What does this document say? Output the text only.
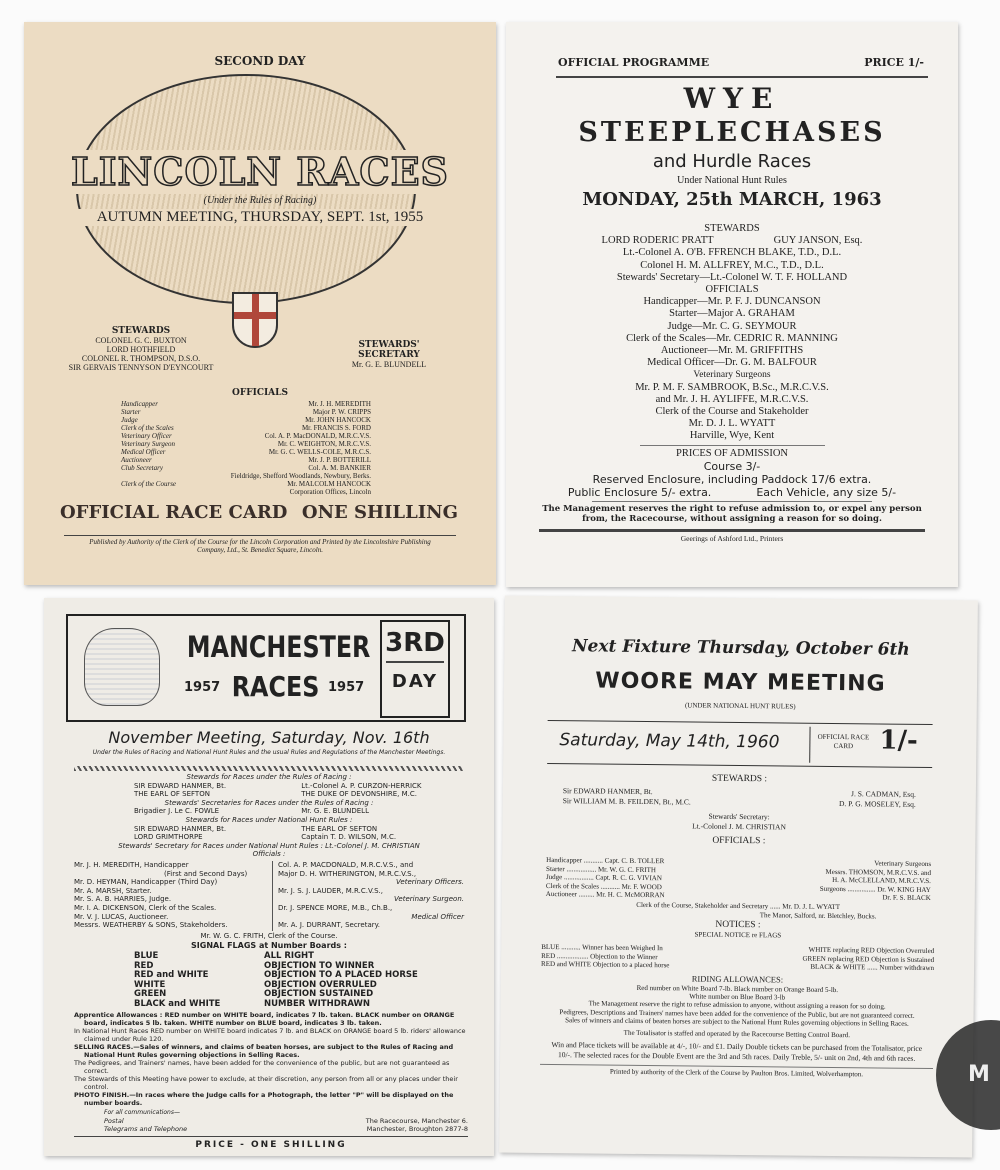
SECOND DAY
LINCOLN RACES
(Under the Rules of Racing)
AUTUMN MEETING, THURSDAY, SEPT. 1st, 1955
STEWARDS
COLONEL G. C. BUXTON
LORD HOTHFIELD
COLONEL R. THOMPSON, D.S.O.
SIR GERVAIS TENNYSON D'EYNCOURT
STEWARDS' SECRETARY
Mr. G. E. BLUNDELL
OFFICIALS
Handicapper	Mr. J. H. MEREDITH
Starter	Major P. W. CRIPPS
Judge	Mr. JOHN HANCOCK
Clerk of the Scales	Mr. FRANCIS S. FORD
Veterinary Officer	Col. A. P. MacDONALD, M.R.C.V.S.
Veterinary Surgeon	Mr. C. WEIGHTON, M.R.C.V.S.
Medical Officer	Mr. G. C. WELLS-COLE, M.R.C.S.
Auctioneer	Mr. J. P. BOTTERILL
Club Secretary	Col. A. M. BANKIER
Fieldridge, Shefford Woodlands, Newbury, Berks.
Clerk of the Course	Mr. MALCOLM HANCOCK
Corporation Offices, Lincoln
OFFICIAL RACE CARD ONE SHILLING
Published by Authority of the Clerk of the Course for the Lincoln Corporation and Printed by the Lincolnshire Publishing Company, Ltd., St. Benedict Square, Lincoln.
OFFICIAL PROGRAMME	PRICE 1/-
WYE
STEEPLECHASES
and Hurdle Races
Under National Hunt Rules
MONDAY, 25th MARCH, 1963
STEWARDS
LORD RODERIC PRATT	GUY JANSON, Esq.
Lt.-Colonel A. O'B. FFRENCH BLAKE, T.D., D.L.
Colonel H. M. ALLFREY, M.C., T.D., D.L.
Stewards' Secretary—Lt.-Colonel W. T. F. HOLLAND
OFFICIALS
Handicapper—Mr. P. F. J. DUNCANSON
Starter—Major A. GRAHAM
Judge—Mr. C. G. SEYMOUR
Clerk of the Scales—Mr. CEDRIC R. MANNING
Auctioneer—Mr. M. GRIFFITHS
Medical Officer—Dr. G. M. BALFOUR
Veterinary Surgeons
Mr. P. M. F. SAMBROOK, B.Sc., M.R.C.V.S.
and Mr. J. H. AYLIFFE, M.R.C.V.S.
Clerk of the Course and Stakeholder
Mr. D. J. L. WYATT
Harville, Wye, Kent
PRICES OF ADMISSION
Course 3/-
Reserved Enclosure, including Paddock 17/6 extra.
Public Enclosure 5/- extra.	Each Vehicle, any size 5/-
The Management reserves the right to refuse admission to, or expel any person from, the Racecourse, without assigning a reason for so doing.
Geerings of Ashford Ltd., Printers
MANCHESTER
1957 RACES 1957
3RD
DAY
November Meeting, Saturday, Nov. 16th
Under the Rules of Racing and National Hunt Rules and the usual Rules and Regulations of the Manchester Meetings.
Stewards for Races under the Rules of Racing :
SIR EDWARD HANMER, Bt.	Lt.-Colonel A. P. CURZON-HERRICK
THE EARL OF SEFTON	THE DUKE OF DEVONSHIRE, M.C.
Stewards' Secretaries for Races under the Rules of Racing :
Brigadier J. Le C. FOWLE	Mr. G. E. BLUNDELL
Stewards for Races under National Hunt Rules :
SIR EDWARD HANMER, Bt.	THE EARL OF SEFTON
LORD GRIMTHORPE	Captain T. D. WILSON, M.C.
Stewards' Secretary for Races under National Hunt Rules : Lt.-Colonel J. M. CHRISTIAN
Officials :
Mr. J. H. MEREDITH, Handicapper
(First and Second Days)
Mr. D. HEYMAN, Handicapper (Third Day)
Mr. A. MARSH, Starter.
Mr. S. A. B. HARRIES, Judge.
Mr. I. A. DICKENSON, Clerk of the Scales.
Mr. V. J. LUCAS, Auctioneer.
Messrs. WEATHERBY & SONS, Stakeholders.
Col. A. P. MACDONALD, M.R.C.V.S., and
Major D. H. WITHERINGTON, M.R.C.V.S.,
Veterinary Officers.
Mr. J. S. J. LAUDER, M.R.C.V.S.,
Veterinary Surgeon.
Dr. J. SPENCE MORE, M.B., Ch.B.,
Medical Officer
Mr. A. J. DURRANT, Secretary.
Mr. W. G. C. FRITH, Clerk of the Course.
SIGNAL FLAGS at Number Boards :
BLUE	ALL RIGHT
RED	OBJECTION TO WINNER
RED and WHITE	OBJECTION TO A PLACED HORSE
WHITE	OBJECTION OVERRULED
GREEN	OBJECTION SUSTAINED
BLACK and WHITE	NUMBER WITHDRAWN
Apprentice Allowances : RED number on WHITE board, indicates 7 lb. taken. BLACK number on ORANGE board, indicates 5 lb. taken. WHITE number on BLUE board, indicates 3 lb. taken.
In National Hunt Races RED number on WHITE board indicates 7 lb. and BLACK on ORANGE board 5 lb. riders' allowance claimed under Rule 120.
SELLING RACES.—Sales of winners, and claims of beaten horses, are subject to the Rules of Racing and National Hunt Rules governing objections in Selling Races.
The Pedigrees, and Trainers' names, have been added for the convenience of the public, but are not guaranteed as correct.
The Stewards of this Meeting have power to exclude, at their discretion, any person from all or any places under their control.
PHOTO FINISH.—In races where the Judge calls for a Photograph, the letter "P" will be displayed on the number boards.
For all communications—
Postal	The Racecourse, Manchester 6.
Telegrams and Telephone	Manchester, Broughton 2877-8
PRICE - ONE SHILLING
Next Fixture Thursday, October 6th
WOORE MAY MEETING
(UNDER NATIONAL HUNT RULES)
Saturday, May 14th, 1960	OFFICIAL RACE CARD	1/-
STEWARDS :
Sir EDWARD HANMER, Bt.	J. S. CADMAN, Esq.
Sir WILLIAM M. B. FEILDEN, Bt., M.C.	D. P. G. MOSELEY, Esq.
Stewards' Secretary:
Lt.-Colonel J. M. CHRISTIAN
OFFICIALS :
Handicapper ........... Capt. C. B. TOLLER	Veterinary Surgeons
Starter ................. Mr. W. G. C. FRITH	Messrs. THOMSON, M.R.C.V.S. and
Judge ................. Capt. R. C. G. VIVIAN	H. A. McCLELLAND, M.R.C.V.S.
Clerk of the Scales ........... Mr. F. WOOD	Surgeons ................ Dr. W. KING HAY
Auctioneer ......... Mr. H. C. McMORRAN	Dr. F. S. BLACK
Clerk of the Course, Stakeholder and Secretary ...... Mr. D. J. L. WYATT
The Manor, Salford, nr. Bletchley, Bucks.
NOTICES :
SPECIAL NOTICE re FLAGS
BLUE ........... Winner has been Weighed In	WHITE replacing RED Objection Overruled
RED .................. Objection to the Winner	GREEN replacing RED Objection is Sustained
RED and WHITE Objection to a placed horse	BLACK & WHITE ...... Number withdrawn
RIDING ALLOWANCES:
Red number on White Board 7-lb. Black number on Orange Board 5-lb.
White number on Blue Board 3-lb
The Management reserve the right to refuse admission to anyone, without assigning a reason for so doing.
Pedigrees, Descriptions and Trainers' names have been added for the convenience of the Public, but are not guaranteed correct.
Sales of winners and claims of beaten horses are subject to the National Hunt Rules governing objections in Selling Races.
The Totalisator is staffed and operated by the Racecourse Betting Control Board.
Win and Place tickets will be available at 4/-, 10/- and £1. Daily Double tickets can be purchased from the Totalisator, price 10/-. The selected races for the Double Event are the 3rd and 5th races. Daily Treble, 5/- unit on 2nd, 4th and 6th races.
Printed by authority of the Clerk of the Course by Paulton Bros. Limited, Wolverhampton.	M
